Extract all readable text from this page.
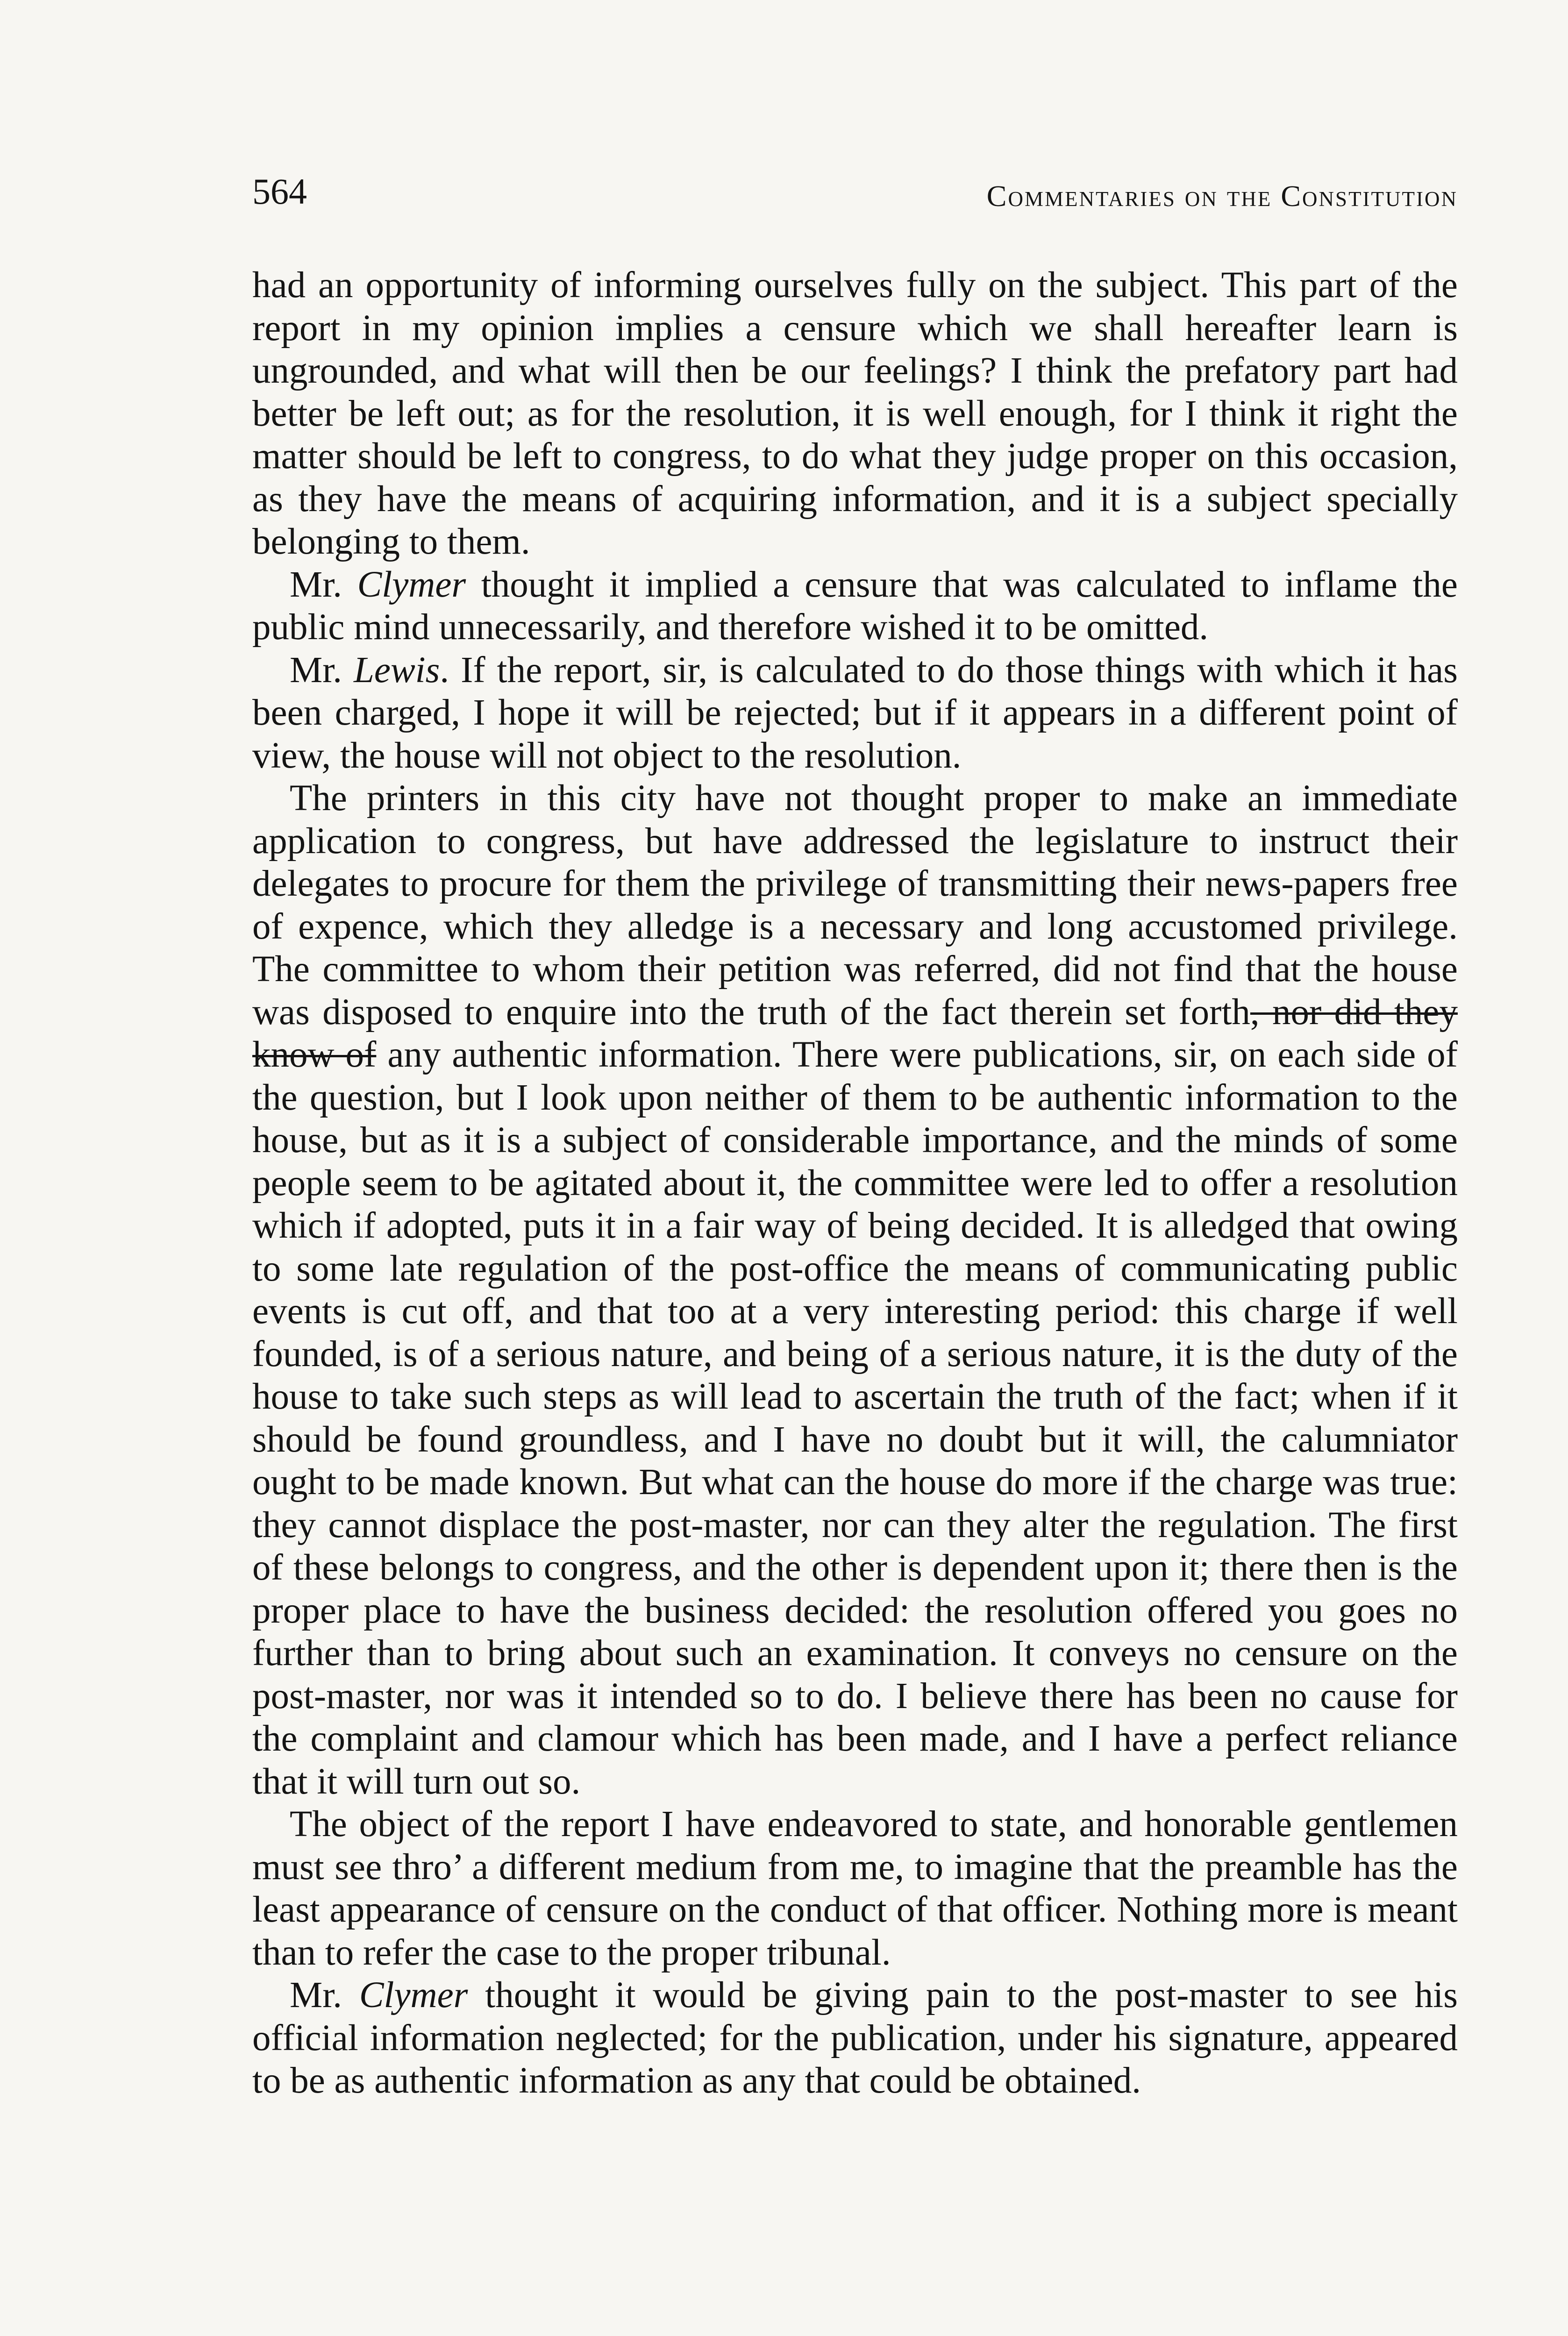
564	Commentaries on the Constitution

had an opportunity of informing ourselves fully on the subject. This part of the report in my opinion implies a censure which we shall hereafter learn is ungrounded, and what will then be our feelings? I think the prefatory part had better be left out; as for the resolution, it is well enough, for I think it right the matter should be left to congress, to do what they judge proper on this occasion, as they have the means of acquiring information, and it is a subject specially belonging to them.

Mr. Clymer thought it implied a censure that was calculated to inflame the public mind unnecessarily, and therefore wished it to be omitted.

Mr. Lewis. If the report, sir, is calculated to do those things with which it has been charged, I hope it will be rejected; but if it appears in a different point of view, the house will not object to the resolution.

The printers in this city have not thought proper to make an immediate application to congress, but have addressed the legislature to instruct their delegates to procure for them the privilege of transmitting their news-papers free of expence, which they alledge is a necessary and long accustomed privilege. The committee to whom their petition was referred, did not find that the house was disposed to enquire into the truth of the fact therein set forth, nor did they know of any authentic information. There were publications, sir, on each side of the question, but I look upon neither of them to be authentic information to the house, but as it is a subject of considerable importance, and the minds of some people seem to be agitated about it, the committee were led to offer a resolution which if adopted, puts it in a fair way of being decided. It is alledged that owing to some late regulation of the post-office the means of communicating public events is cut off, and that too at a very interesting period: this charge if well founded, is of a serious nature, and being of a serious nature, it is the duty of the house to take such steps as will lead to ascertain the truth of the fact; when if it should be found groundless, and I have no doubt but it will, the calumniator ought to be made known. But what can the house do more if the charge was true: they cannot displace the post-master, nor can they alter the regulation. The first of these belongs to congress, and the other is dependent upon it; there then is the proper place to have the business decided: the resolution offered you goes no further than to bring about such an examination. It conveys no censure on the post-master, nor was it intended so to do. I believe there has been no cause for the complaint and clamour which has been made, and I have a perfect reliance that it will turn out so.

The object of the report I have endeavored to state, and honorable gentlemen must see thro’ a different medium from me, to imagine that the preamble has the least appearance of censure on the conduct of that officer. Nothing more is meant than to refer the case to the proper tribunal.

Mr. Clymer thought it would be giving pain to the post-master to see his official information neglected; for the publication, under his signature, appeared to be as authentic information as any that could be obtained.
